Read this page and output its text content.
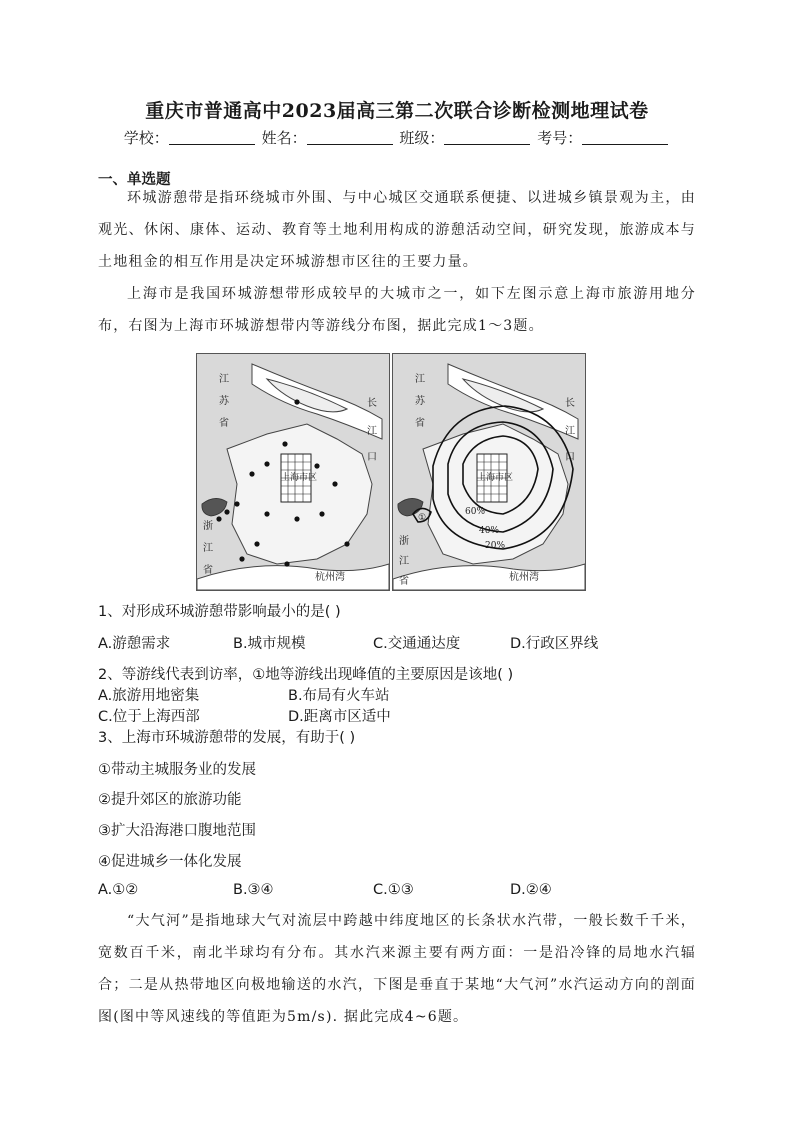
重庆市普通高中2023届高三第二次联合诊断检测地理试卷
学校：	姓名：	班级：	考号：
一、单选题
环城游憩带是指环绕城市外围、与中心城区交通联系便捷、以进城乡镇景观为主，由观光、休闲、康体、运动、教育等土地利用构成的游憩活动空间，研究发现，旅游成本与土地租金的相互作用是决定环城游想市区往的王要力量。
上海市是我国环城游想带形成较早的大城市之一，如下左图示意上海市旅游用地分布，右图为上海市环城游想带内等游线分布图，据此完成1～3题。
江
苏
省
浙
江
省
长
江
口
上海市区
杭州湾
江
苏
省
浙
江
省
长
江
口
上海市区
①
60%
40%
20%
杭州湾
1、对形成环城游憩带影响最小的是( )
A.游憩需求	B.城市规模	C.交通通达度	D.行政区界线
2、等游线代表到访率，①地等游线出现峰值的主要原因是该地( )
A.旅游用地密集	B.布局有火车站
C.位于上海西部	D.距离市区适中
3、上海市环城游憩带的发展，有助于( )
①带动主城服务业的发展
②提升郊区的旅游功能
③扩大沿海港口腹地范围
④促进城乡一体化发展
A.①②	B.③④	C.①③	D.②④
“大气河”是指地球大气对流层中跨越中纬度地区的长条状水汽带，一般长数千千米，宽数百千米，南北半球均有分布。其水汽来源主要有两方面：一是沿冷锋的局地水汽辐合；二是从热带地区向极地输送的水汽，下图是垂直于某地“大气河”水汽运动方向的剖面图(图中等风速线的等值距为5m/s). 据此完成4~6题。
